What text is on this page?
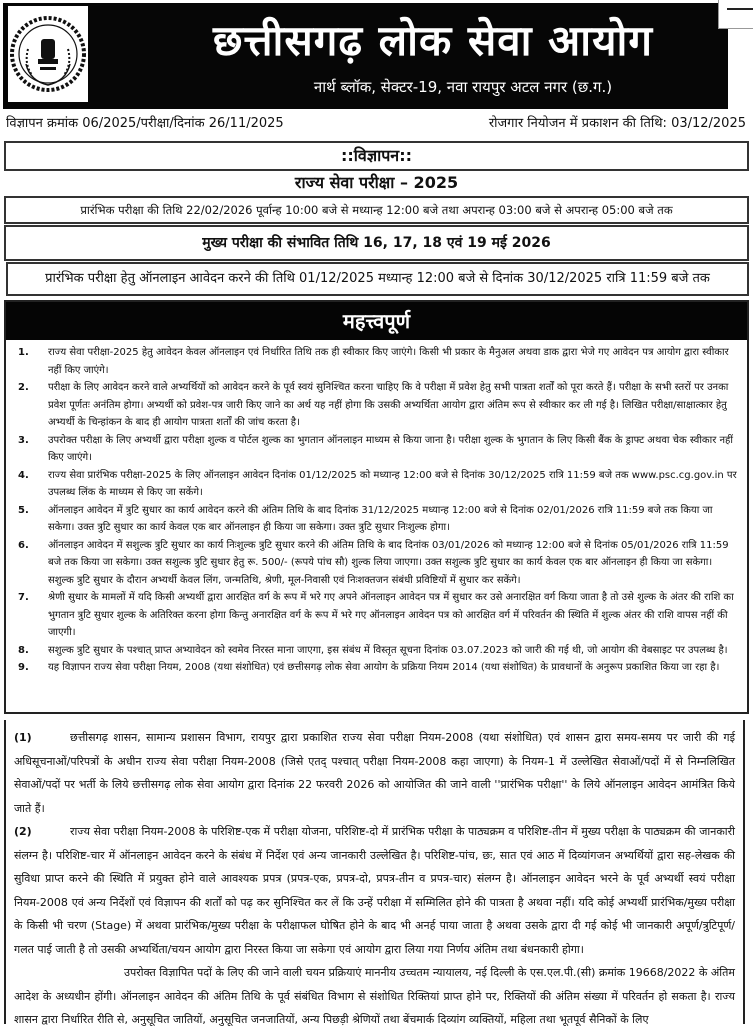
छत्तीसगढ़ लोक सेवा आयोग
नार्थ ब्लॉक, सेक्टर-19, नवा रायपुर अटल नगर (छ.ग.)
विज्ञापन क्रमांक 06/2025/परीक्षा/दिनांक 26/11/2025	रोजगार नियोजन में प्रकाशन की तिथि: 03/12/2025
::विज्ञापन::
राज्य सेवा परीक्षा – 2025
प्रारंभिक परीक्षा की तिथि 22/02/2026 पूर्वान्ह 10:00 बजे से मध्यान्ह 12:00 बजे तथा अपरान्ह 03:00 बजे से अपरान्ह 05:00 बजे तक
मुख्य परीक्षा की संभावित तिथि 16, 17, 18 एवं 19 मई 2026
प्रारंभिक परीक्षा हेतु ऑनलाइन आवेदन करने की तिथि 01/12/2025 मध्यान्ह 12:00 बजे से दिनांक 30/12/2025 रात्रि 11:59 बजे तक
महत्त्वपूर्ण
1.	राज्य सेवा परीक्षा-2025 हेतु आवेदन केवल ऑनलाइन एवं निर्धारित तिथि तक ही स्वीकार किए जाएंगे। किसी भी प्रकार के मैनुअल अथवा डाक द्वारा भेजे गए आवेदन पत्र आयोग द्वारा स्वीकार नहीं किए जाएंगे।
2.	परीक्षा के लिए आवेदन करने वाले अभ्यर्थियों को आवेदन करने के पूर्व स्वयं सुनिश्चित करना चाहिए कि वे परीक्षा में प्रवेश हेतु सभी पात्रता शर्तों को पूरा करते हैं। परीक्षा के सभी स्तरों पर उनका प्रवेश पूर्णतः अनंतिम होगा। अभ्यर्थी को प्रवेश-पत्र जारी किए जाने का अर्थ यह नहीं होगा कि उसकी अभ्यर्थिता आयोग द्वारा अंतिम रूप से स्वीकार कर ली गई है। लिखित परीक्षा/साक्षात्कार हेतु अभ्यर्थी के चिन्हांकन के बाद ही आयोग पात्रता शर्तों की जांच करता है।
3.	उपरोक्त परीक्षा के लिए अभ्यर्थी द्वारा परीक्षा शुल्क व पोर्टल शुल्क का भुगतान ऑनलाइन माध्यम से किया जाना है। परीक्षा शुल्क के भुगतान के लिए किसी बैंक के ड्राफ्ट अथवा चेक स्वीकार नहीं किए जाएंगे।
4.	राज्य सेवा प्रारंभिक परीक्षा-2025 के लिए ऑनलाइन आवेदन दिनांक 01/12/2025 को मध्यान्ह 12:00 बजे से दिनांक 30/12/2025 रात्रि 11:59 बजे तक www.psc.cg.gov.in पर उपलब्ध लिंक के माध्यम से किए जा सकेंगे।
5.	ऑनलाइन आवेदन में त्रुटि सुधार का कार्य आवेदन करने की अंतिम तिथि के बाद दिनांक 31/12/2025 मध्यान्ह 12:00 बजे से दिनांक 02/01/2026 रात्रि 11:59 बजे तक किया जा सकेगा। उक्त त्रुटि सुधार का कार्य केवल एक बार ऑनलाइन ही किया जा सकेगा। उक्त त्रुटि सुधार निःशुल्क होगा।
6.	ऑनलाइन आवेदन में सशुल्क त्रुटि सुधार का कार्य निःशुल्क त्रुटि सुधार करने की अंतिम तिथि के बाद दिनांक 03/01/2026 को मध्यान्ह 12:00 बजे से दिनांक 05/01/2026 रात्रि 11:59 बजे तक किया जा सकेगा। उक्त सशुल्क त्रुटि सुधार हेतु रू. 500/- (रूपये पांच सौ) शुल्क लिया जाएगा। उक्त सशुल्क त्रुटि सुधार का कार्य केवल एक बार ऑनलाइन ही किया जा सकेगा। सशुल्क त्रुटि सुधार के दौरान अभ्यर्थी केवल लिंग, जन्मतिथि, श्रेणी, मूल-निवासी एवं निःशक्तजन संबंधी प्रविष्टियों में सुधार कर सकेंगे।
7.	श्रेणी सुधार के मामलों में यदि किसी अभ्यर्थी द्वारा आरक्षित वर्ग के रूप में भरे गए अपने ऑनलाइन आवेदन पत्र में सुधार कर उसे अनारक्षित वर्ग किया जाता है तो उसे शुल्क के अंतर की राशि का भुगतान त्रुटि सुधार शुल्क के अतिरिक्त करना होगा किन्तु अनारक्षित वर्ग के रूप में भरे गए ऑनलाइन आवेदन पत्र को आरक्षित वर्ग में परिवर्तन की स्थिति में शुल्क अंतर की राशि वापस नहीं की जाएगी।
8.	सशुल्क त्रुटि सुधार के पश्चात् प्राप्त अभ्यावेदन को स्वमेव निरस्त माना जाएगा, इस संबंध में विस्तृत सूचना दिनांक 03.07.2023 को जारी की गई थी, जो आयोग की वेबसाइट पर उपलब्ध है।
9.	यह विज्ञापन राज्य सेवा परीक्षा नियम, 2008 (यथा संशोधित) एवं छत्तीसगढ़ लोक सेवा आयोग के प्रक्रिया नियम 2014 (यथा संशोधित) के प्रावधानों के अनुरूप प्रकाशित किया जा रहा है।

(1)	छत्तीसगढ़ शासन, सामान्य प्रशासन विभाग, रायपुर द्वारा प्रकाशित राज्य सेवा परीक्षा नियम-2008 (यथा संशोधित) एवं शासन द्वारा समय-समय पर जारी की गई अधिसूचनाओं/परिपत्रों के अधीन राज्य सेवा परीक्षा नियम-2008 (जिसे एतद् पश्चात् परीक्षा नियम-2008 कहा जाएगा) के नियम-1 में उल्लेखित सेवाओं/पदों में से निम्नलिखित सेवाओं/पदों पर भर्ती के लिये छत्तीसगढ़ लोक सेवा आयोग द्वारा दिनांक 22 फरवरी 2026 को आयोजित की जाने वाली ''प्रारंभिक परीक्षा'' के लिये ऑनलाइन आवेदन आमंत्रित किये जाते हैं।

(2)	राज्य सेवा परीक्षा नियम-2008 के परिशिष्ट-एक में परीक्षा योजना, परिशिष्ट-दो में प्रारंभिक परीक्षा के पाठ्यक्रम व परिशिष्ट-तीन में मुख्य परीक्षा के पाठ्यक्रम की जानकारी संलग्न है। परिशिष्ट-चार में ऑनलाइन आवेदन करने के संबंध में निर्देश एवं अन्य जानकारी उल्लेखित है। परिशिष्ट-पांच, छः, सात एवं आठ में दिव्यांगजन अभ्यर्थियों द्वारा सह-लेखक की सुविधा प्राप्त करने की स्थिति में प्रयुक्त होने वाले आवश्यक प्रपत्र (प्रपत्र-एक, प्रपत्र-दो, प्रपत्र-तीन व प्रपत्र-चार) संलग्न है। ऑनलाइन आवेदन भरने के पूर्व अभ्यर्थी स्वयं परीक्षा नियम-2008 एवं अन्य निर्देशों एवं विज्ञापन की शर्तों को पढ़ कर सुनिश्चित कर लें कि उन्हें परीक्षा में सम्मिलित होने की पात्रता है अथवा नहीं। यदि कोई अभ्यर्थी प्रारंभिक/मुख्य परीक्षा के किसी भी चरण (Stage) में अथवा प्रारंभिक/मुख्य परीक्षा के परीक्षाफल घोषित होने के बाद भी अनर्ह पाया जाता है अथवा उसके द्वारा दी गई कोई भी जानकारी अपूर्ण/त्रुटिपूर्ण/गलत पाई जाती है तो उसकी अभ्यर्थिता/चयन आयोग द्वारा निरस्त किया जा सकेगा एवं आयोग द्वारा लिया गया निर्णय अंतिम तथा बंधनकारी होगा।

उपरोक्त विज्ञापित पदों के लिए की जाने वाली चयन प्रक्रियाएं माननीय उच्चतम न्यायालय, नई दिल्ली के एस.एल.पी.(सी) क्रमांक 19668/2022 के अंतिम आदेश के अध्यधीन होंगी। ऑनलाइन आवेदन की अंतिम तिथि के पूर्व संबंधित विभाग से संशोधित रिक्तियां प्राप्त होने पर, रिक्तियों की अंतिम संख्या में परिवर्तन हो सकता है। राज्य शासन द्वारा निर्धारित रीति से, अनुसूचित जातियों, अनुसूचित जनजातियों, अन्य पिछड़ी श्रेणियों तथा बेंचमार्क दिव्यांग व्यक्तियों, महिला तथा भूतपूर्व सैनिकों के लिए
